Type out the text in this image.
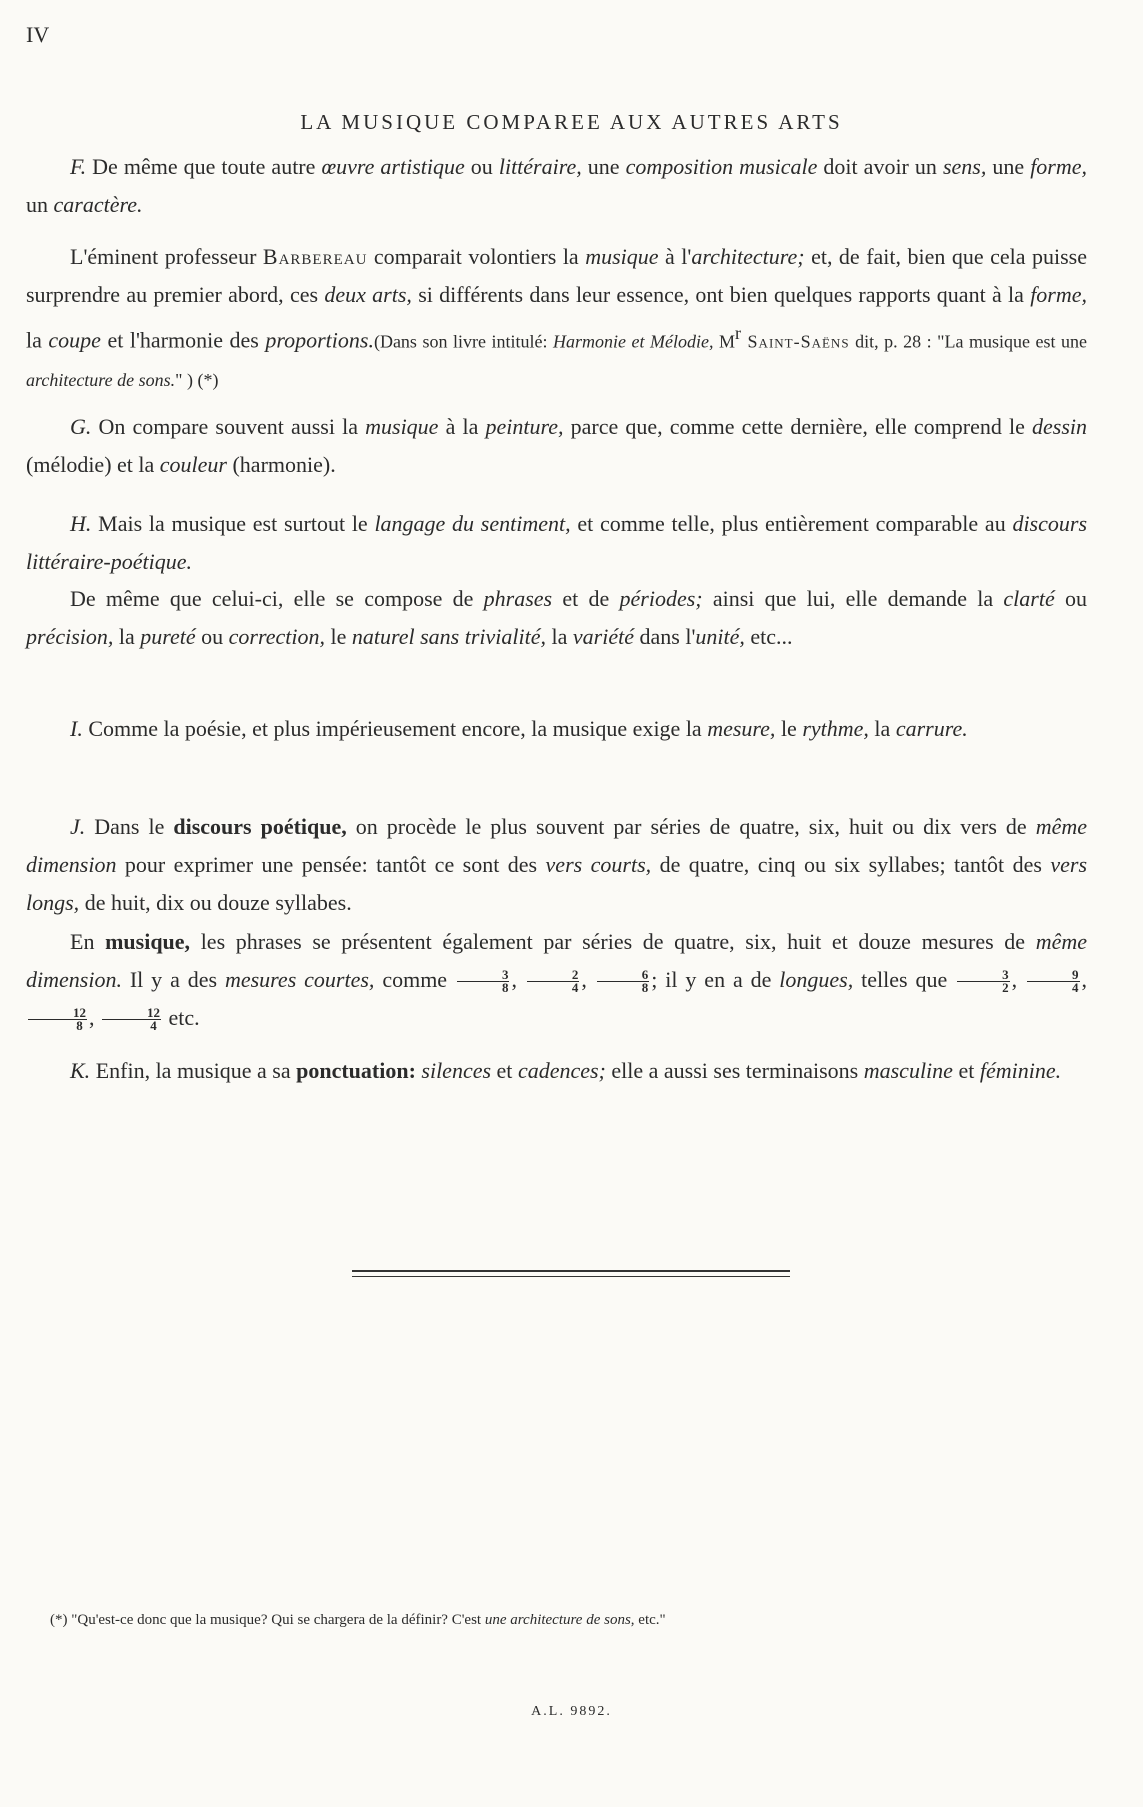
IV
LA MUSIQUE COMPAREE AUX AUTRES ARTS

F. De même que toute autre œuvre artistique ou littéraire, une composition musicale doit avoir un sens, une forme, un caractère.

L'éminent professeur Barbereau comparait volontiers la musique à l'architecture; et, de fait, bien que cela puisse surprendre au premier abord, ces deux arts, si différents dans leur essence, ont bien quelques rapports quant à la forme, la coupe et l'harmonie des proportions.(Dans son livre intitulé: Harmonie et Mélodie, $M^r$ Saint-Saëns dit, p. 28 : "La musique est une architecture de sons." ) (*)

G. On compare souvent aussi la musique à la peinture, parce que, comme cette dernière, elle comprend le dessin (mélodie) et la couleur (harmonie).

H. Mais la musique est surtout le langage du sentiment, et comme telle, plus entièrement comparable au discours littéraire-poétique.

De même que celui-ci, elle se compose de phrases et de périodes; ainsi que lui, elle demande la clarté ou précision, la pureté ou correction, le naturel sans trivialité, la variété dans l'unité, etc...

I. Comme la poésie, et plus impérieusement encore, la musique exige la mesure, le rythme, la carrure.

J. Dans le discours poétique, on procède le plus souvent par séries de quatre, six, huit ou dix vers de même dimension pour exprimer une pensée: tantôt ce sont des vers courts, de quatre, cinq ou six syllabes; tantôt des vers longs, de huit, dix ou douze syllabes.

En musique, les phrases se présentent également par séries de quatre, six, huit et douze mesures de même dimension. Il y a des mesures courtes, comme $\frac{3}{8}$ , $\frac{2}{4}$ , $\frac{6}{8}$ ; il y en a de longues, telles que $\frac{3}{2}$ , $\frac{9}{4}$ ,
$\frac{12}{8}$ , $\frac{12}{4}$ etc.

K. Enfin, la musique a sa ponctuation: silences et cadences; elle a aussi ses terminaisons masculine et féminine.

(*) "Qu'est-ce donc que la musique? Qui se chargera de la définir? C'est une architecture de sons, etc."
A.L. 9892.
